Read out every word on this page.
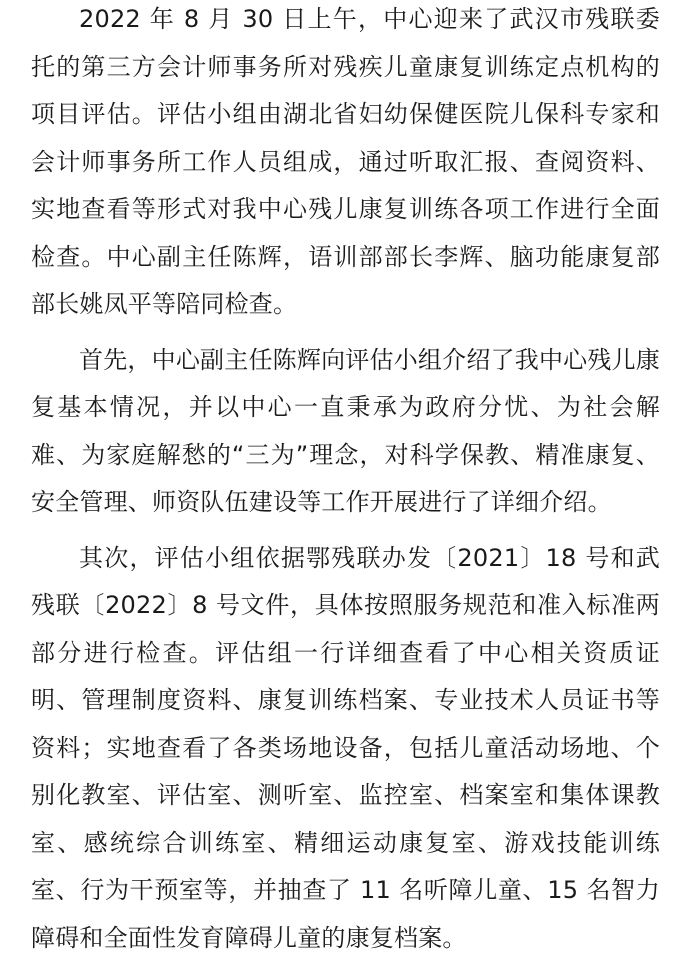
2022 年 8 月 30 日上午，中心迎来了武汉市残联委托的第三方会计师事务所对残疾儿童康复训练定点机构的项目评估。评估小组由湖北省妇幼保健医院儿保科专家和会计师事务所工作人员组成，通过听取汇报、查阅资料、实地查看等形式对我中心残儿康复训练各项工作进行全面检查。中心副主任陈辉，语训部部长李辉、脑功能康复部部长姚凤平等陪同检查。

首先，中心副主任陈辉向评估小组介绍了我中心残儿康复基本情况，并以中心一直秉承为政府分忧、为社会解难、为家庭解愁的“三为”理念，对科学保教、精准康复、安全管理、师资队伍建设等工作开展进行了详细介绍。

其次，评估小组依据鄂残联办发〔2021〕18 号和武残联〔2022〕8 号文件，具体按照服务规范和准入标准两部分进行检查。评估组一行详细查看了中心相关资质证明、管理制度资料、康复训练档案、专业技术人员证书等资料；实地查看了各类场地设备，包括儿童活动场地、个别化教室、评估室、测听室、监控室、档案室和集体课教室、感统综合训练室、精细运动康复室、游戏技能训练室、行为干预室等，并抽查了 11 名听障儿童、15 名智力障碍和全面性发育障碍儿童的康复档案。
